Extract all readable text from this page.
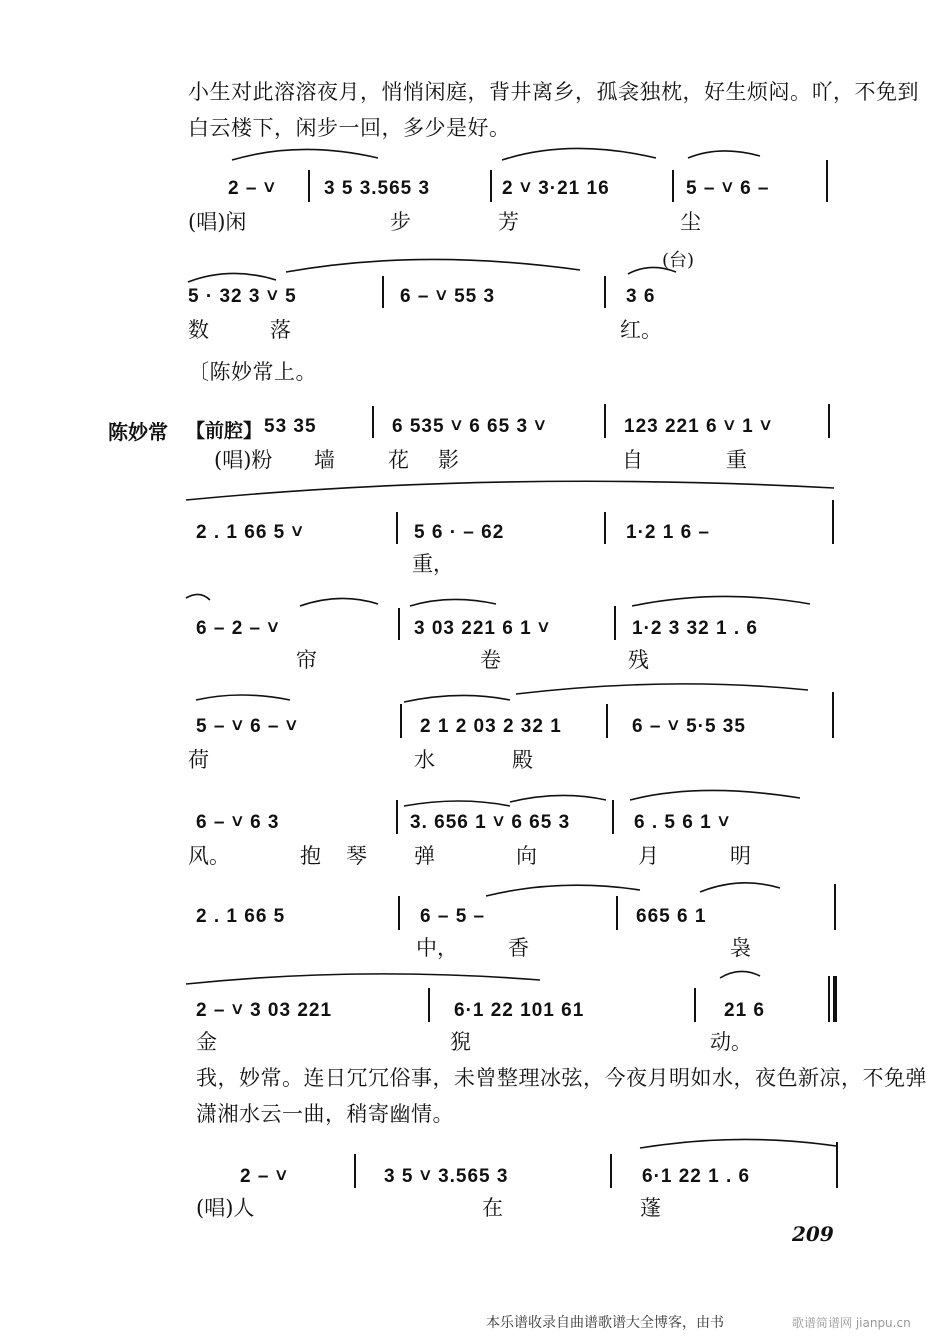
小生对此溶溶夜月，悄悄闲庭，背井离乡，孤衾独枕，好生烦闷。吖，不免到
白云楼下，闲步一回，多少是好。
2 – ˅	3 5 3.565 3	2 ˅ 3·21 16	5 – ˅ 6 –
(唱)闲	步	芳	尘
(台)
5 · 32 3 ˅ 5	6 – ˅ 55 3	3 6
数	落	红。
〔陈妙常上。
陈妙常 【前腔】 53 35	6 535 ˅ 6 65 3 ˅	123 221 6 ˅ 1 ˅
(唱)粉 墙	花 影	自	重
2 . 1 66 5 ˅	5 6 · – 62	1·2 1 6 –
重，
6 – 2 – ˅	3 03 221 6 1 ˅	1·2 3 32 1 . 6
帘	卷	残
5 – ˅ 6 – ˅	2 1 2 03 2 32 1	6 – ˅ 5·5 35
荷	水	殿
6 – ˅ 6 3	3. 656 1 ˅ 6 65 3	6 . 5 6 1 ˅
风。	抱 琴 弹	向	月	明
2 . 1 66 5	6 – 5 –	665 6 1
中， 香	袅
2 – ˅ 3 03 221	6·1 22 101 61	21 6
金	猊	动。
我，妙常。连日冗冗俗事，未曾整理冰弦，今夜月明如水，夜色新凉，不免弹
潇湘水云一曲，稍寄幽情。
2 – ˅	3 5 ˅ 3.565 3	6·1 22 1 . 6
(唱)人	在	蓬
209
本乐谱收录自曲谱歌谱大全博客，由书	歌谱简谱网 jianpu.cn
